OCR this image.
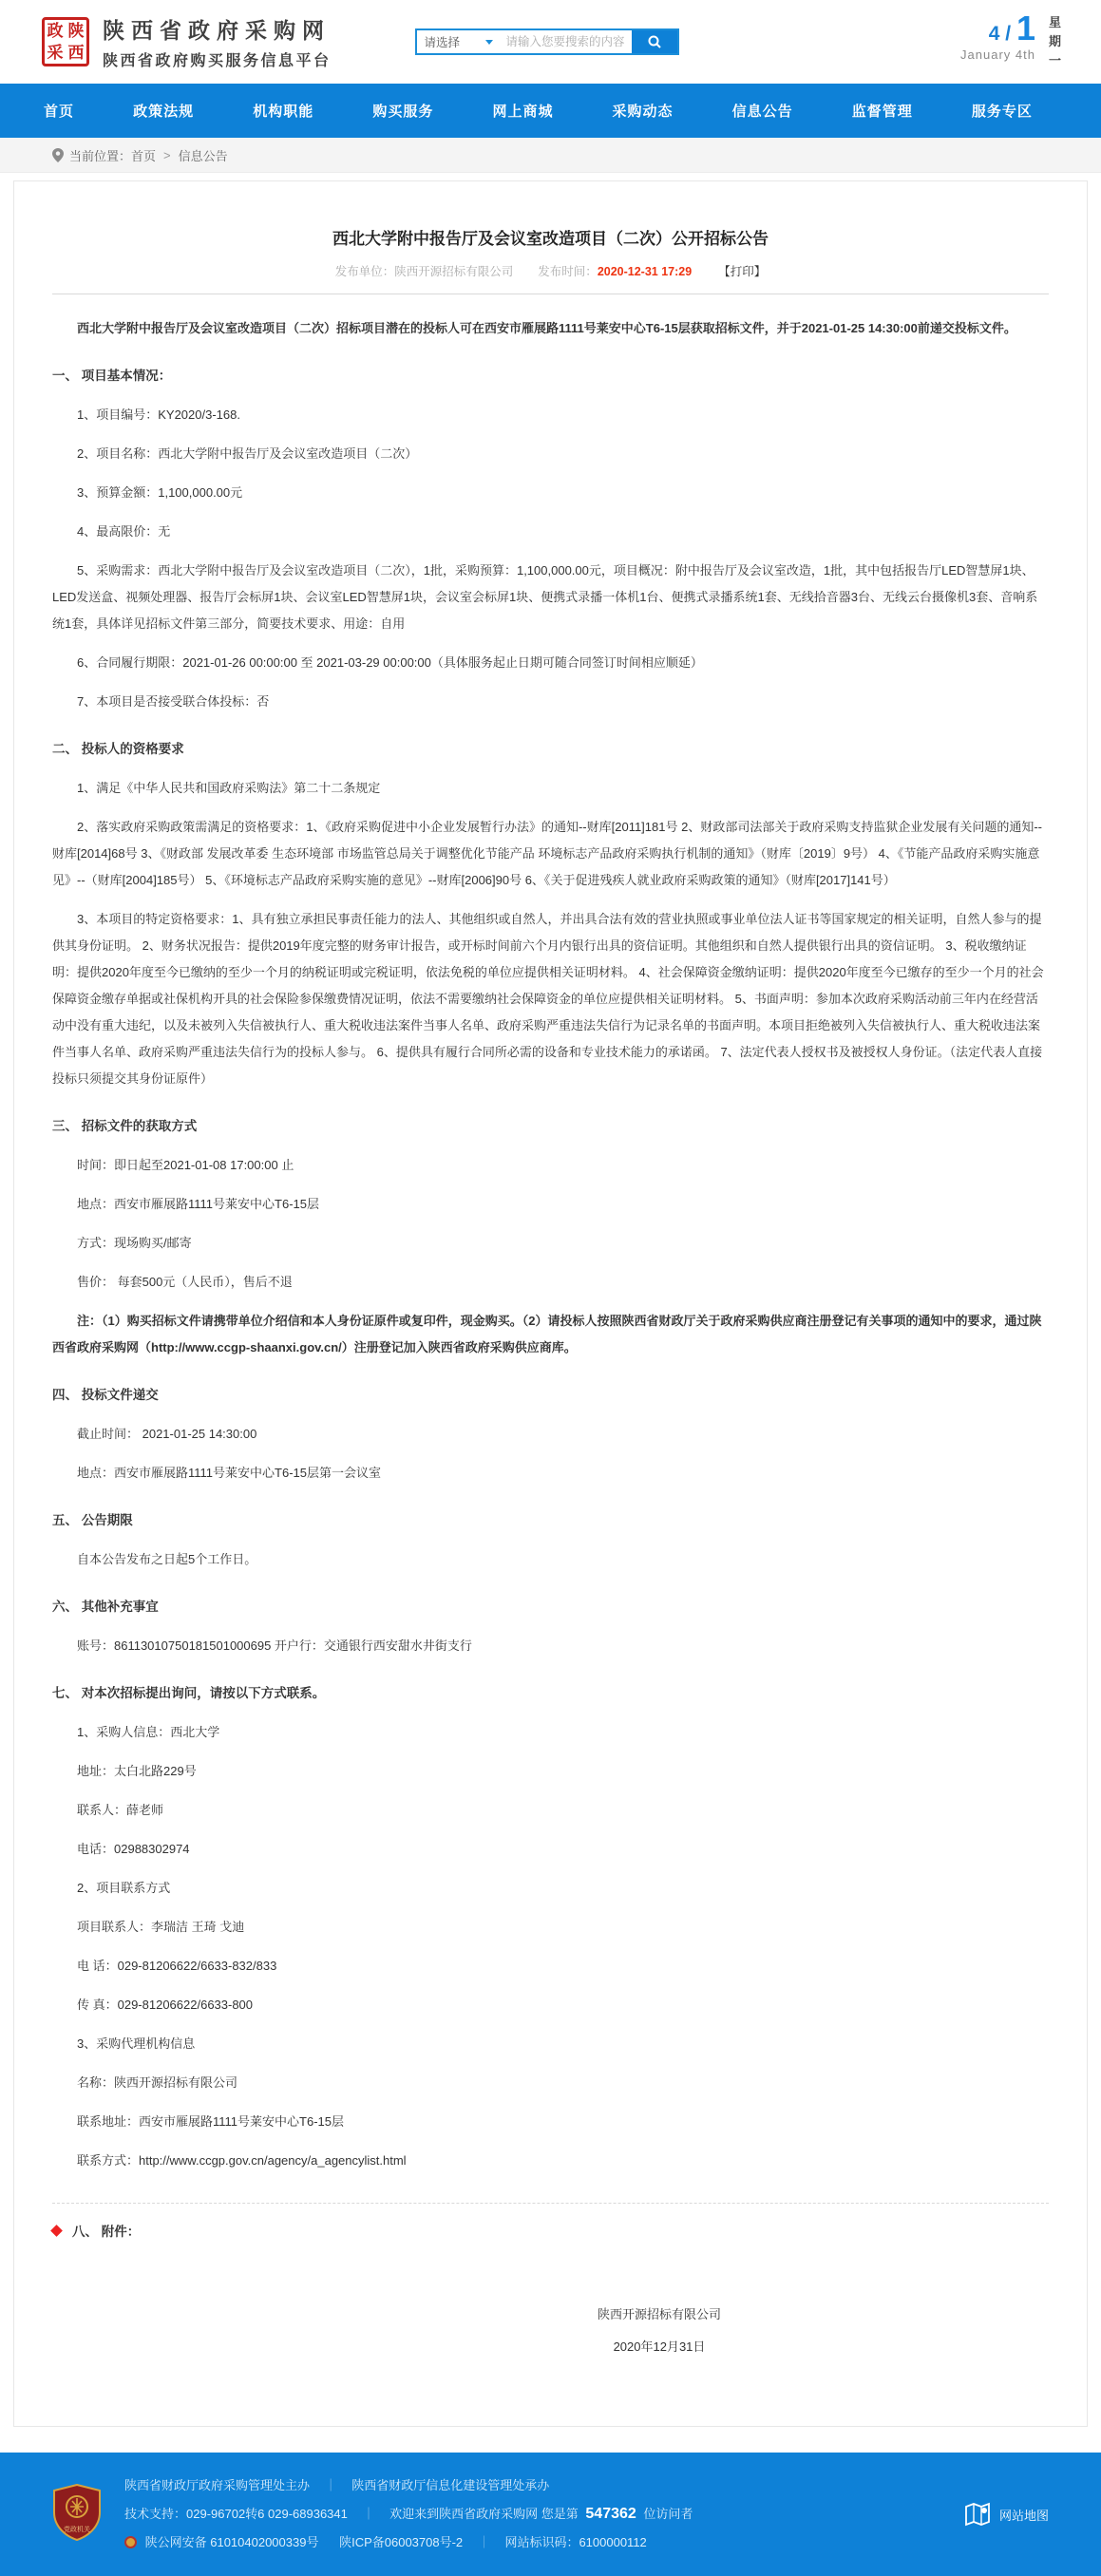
政 陕
采 西
陕西省政府采购网
陕西省政府购买服务信息平台
请选择
请输入您要搜索的内容	4 / 1
January 4th
星
期
一
首页	政策法规	机构职能	购买服务	网上商城	采购动态	信息公告	监督管理	服务专区
当前位置： 首页 > 信息公告
西北大学附中报告厅及会议室改造项目（二次）公开招标公告
发布单位：陕西开源招标有限公司 发布时间：2020-12-31 17:29 【打印】

西北大学附中报告厅及会议室改造项目（二次）招标项目潜在的投标人可在西安市雁展路1111号莱安中心T6-15层获取招标文件，并于2021-01-25 14:30:00前递交投标文件。

一、 项目基本情况：

1、项目编号：KY2020/3-168.

2、项目名称：西北大学附中报告厅及会议室改造项目（二次）

3、预算金额：1,100,000.00元

4、最高限价：无

5、采购需求：西北大学附中报告厅及会议室改造项目（二次），1批，采购预算：1,100,000.00元，项目概况：附中报告厅及会议室改造，1批，其中包括报告厅LED智慧屏1块、LED发送盒、视频处理器、报告厅会标屏1块、会议室LED智慧屏1块，会议室会标屏1块、便携式录播一体机1台、便携式录播系统1套、无线拾音器3台、无线云台摄像机3套、音响系统1套，具体详见招标文件第三部分，简要技术要求、用途：自用

6、合同履行期限：2021-01-26 00:00:00 至 2021-03-29 00:00:00（具体服务起止日期可随合同签订时间相应顺延）

7、本项目是否接受联合体投标：否

二、 投标人的资格要求

1、满足《中华人民共和国政府采购法》第二十二条规定

2、落实政府采购政策需满足的资格要求：1、《政府采购促进中小企业发展暂行办法》的通知--财库[2011]181号 2、财政部司法部关于政府采购支持监狱企业发展有关问题的通知--财库[2014]68号 3、《财政部 发展改革委 生态环境部 市场监管总局关于调整优化节能产品 环境标志产品政府采购执行机制的通知》（财库〔2019〕9号） 4、《节能产品政府采购实施意见》--（财库[2004]185号） 5、《环境标志产品政府采购实施的意见》--财库[2006]90号 6、《关于促进残疾人就业政府采购政策的通知》（财库[2017]141号）

3、本项目的特定资格要求：1、具有独立承担民事责任能力的法人、其他组织或自然人，并出具合法有效的营业执照或事业单位法人证书等国家规定的相关证明，自然人参与的提供其身份证明。 2、财务状况报告：提供2019年度完整的财务审计报告，或开标时间前六个月内银行出具的资信证明。其他组织和自然人提供银行出具的资信证明。 3、税收缴纳证明：提供2020年度至今已缴纳的至少一个月的纳税证明或完税证明，依法免税的单位应提供相关证明材料。 4、社会保障资金缴纳证明：提供2020年度至今已缴存的至少一个月的社会保障资金缴存单据或社保机构开具的社会保险参保缴费情况证明，依法不需要缴纳社会保障资金的单位应提供相关证明材料。 5、书面声明：参加本次政府采购活动前三年内在经营活动中没有重大违纪，以及未被列入失信被执行人、重大税收违法案件当事人名单、政府采购严重违法失信行为记录名单的书面声明。本项目拒绝被列入失信被执行人、重大税收违法案件当事人名单、政府采购严重违法失信行为的投标人参与。 6、提供具有履行合同所必需的设备和专业技术能力的承诺函。 7、法定代表人授权书及被授权人身份证。（法定代表人直接投标只须提交其身份证原件）

三、 招标文件的获取方式

时间：即日起至2021-01-08 17:00:00 止

地点：西安市雁展路1111号莱安中心T6-15层

方式：现场购买/邮寄

售价： 每套500元（人民币），售后不退

注：（1）购买招标文件请携带单位介绍信和本人身份证原件或复印件，现金购买。（2）请投标人按照陕西省财政厅关于政府采购供应商注册登记有关事项的通知中的要求，通过陕西省政府采购网（http://www.ccgp-shaanxi.gov.cn/）注册登记加入陕西省政府采购供应商库。

四、 投标文件递交

截止时间： 2021-01-25 14:30:00

地点：西安市雁展路1111号莱安中心T6-15层第一会议室

五、 公告期限

自本公告发布之日起5个工作日。

六、 其他补充事宜

账号：86113010750181501000695 开户行：交通银行西安甜水井街支行

七、 对本次招标提出询问，请按以下方式联系。

1、采购人信息：西北大学

地址：太白北路229号

联系人：薛老师

电话：02988302974

2、项目联系方式

项目联系人：李瑞洁 王琦 戈迪

电 话：029-81206622/6633-832/833

传 真：029-81206622/6633-800

3、采购代理机构信息

名称：陕西开源招标有限公司

联系地址：西安市雁展路1111号莱安中心T6-15层

联系方式：http://www.ccgp.gov.cn/agency/a_agencylist.html

八、 附件：
陕西开源招标有限公司
2020年12月31日
党政机关
陕西省财政厅政府采购管理处主办 ｜ 陕西省财政厅信息化建设管理处承办
技术支持：029-96702转6 029-68936341 ｜ 欢迎来到陕西省政府采购网 您是第 547362 位访问者
陕公网安备 61010402000339号 陕ICP备06003708号-2 ｜ 网站标识码：6100000112
网站地图
